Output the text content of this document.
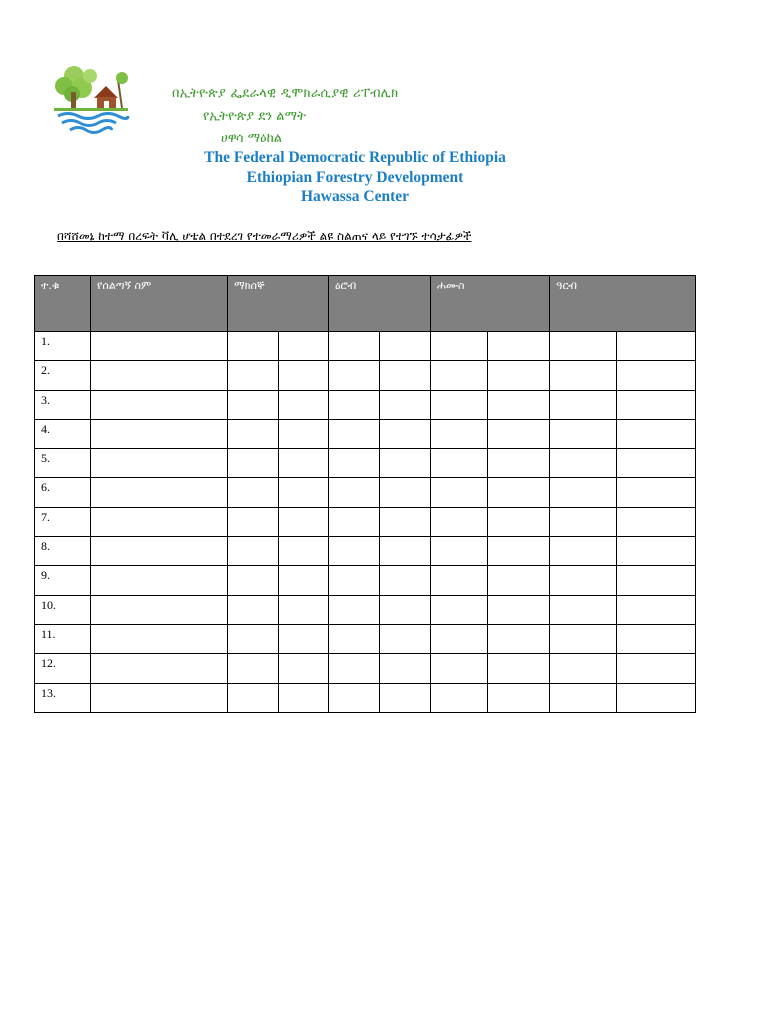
በኢትዮጵያ ፌደራላዊ ዲሞክራሲያዊ ሪፐብሊክ
የኢትዮጵያ ደን ልማት
ሀዋሳ ማዕከል
The Federal Democratic Republic of Ethiopia
Ethiopian Forestry Development
Hawassa Center
በሻሸመኔ ከተማ በረፍት ቫሊ ሆቴል በተደረገ የተመራማሪዎች ልዩ ስልጠና ላይ የተገኙ ተሳታፊዎች
ተ.ቁ	የሰልጣኝ ስም	ማክሰኞ		ዕሮብ		ሐሙስ		ዓርብ	
1.									
2.									
3.									
4.									
5.									
6.									
7.									
8.									
9.									
10.									
11.									
12.									
13.									
